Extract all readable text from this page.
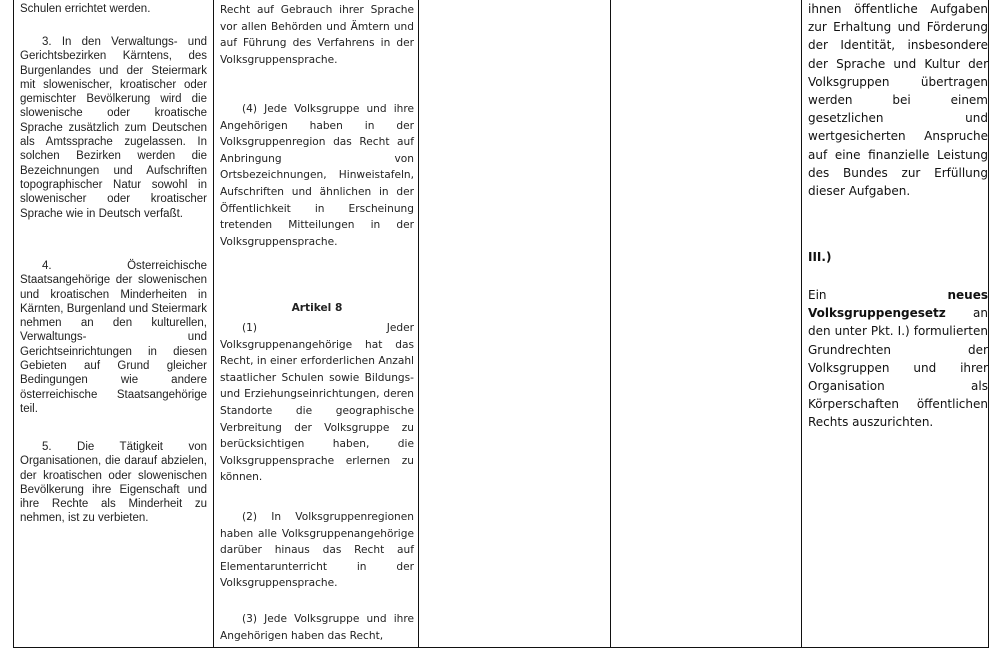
Schulen errichtet werden.

3. In den Verwaltungs- und Gerichtsbezirken Kärntens, des Burgenlandes und der Steiermark mit slowenischer, kroatischer oder gemischter Bevölkerung wird die slowenische oder kroatische Sprache zusätzlich zum Deutschen als Amtssprache zugelassen. In solchen Bezirken werden die Bezeichnungen und Aufschriften topographischer Natur sowohl in slowenischer oder kroatischer Sprache wie in Deutsch verfaßt.

4. Österreichische Staatsangehörige der slowenischen und kroatischen Minderheiten in Kärnten, Burgenland und Steiermark nehmen an den kulturellen, Verwaltungs- und Gerichtseinrichtungen in diesen Gebieten auf Grund gleicher Bedingungen wie andere österreichische Staatsangehörige teil.

5. Die Tätigkeit von Organisationen, die darauf abzielen, der kroatischen oder slowenischen Bevölkerung ihre Eigenschaft und ihre Rechte als Minderheit zu nehmen, ist zu verbieten.

Recht auf Gebrauch ihrer Sprache vor allen Behörden und Ämtern und auf Führung des Verfahrens in der Volksgruppensprache.

(4) Jede Volksgruppe und ihre Angehörigen haben in der Volksgruppenregion das Recht auf Anbringung von Ortsbezeichnungen, Hinweistafeln, Aufschriften und ähnlichen in der Öffentlichkeit in Erscheinung tretenden Mitteilungen in der Volksgruppensprache.

Artikel 8

(1) Jeder Volksgruppenangehörige hat das Recht, in einer erforderlichen Anzahl staatlicher Schulen sowie Bildungs- und Erziehungseinrichtungen, deren Standorte die geographische Verbreitung der Volksgruppe zu berücksichtigen haben, die Volksgruppensprache erlernen zu können.

(2) In Volksgruppenregionen haben alle Volksgruppenangehörige darüber hinaus das Recht auf Elementarunterricht in der Volksgruppensprache.

(3) Jede Volksgruppe und ihre Angehörigen haben das Recht,

ihnen öffentliche Aufgaben zur Erhaltung und Förderung der Identität, insbesondere der Sprache und Kultur der Volksgruppen übertragen werden bei einem gesetzlichen und wertgesicherten Anspruche auf eine finanzielle Leistung des Bundes zur Erfüllung dieser Aufgaben.

III.)

Ein neues Volksgruppengesetz an den unter Pkt. I.) formulierten Grundrechten der Volksgruppen und ihrer Organisation als Körperschaften öffentlichen Rechts auszurichten.
